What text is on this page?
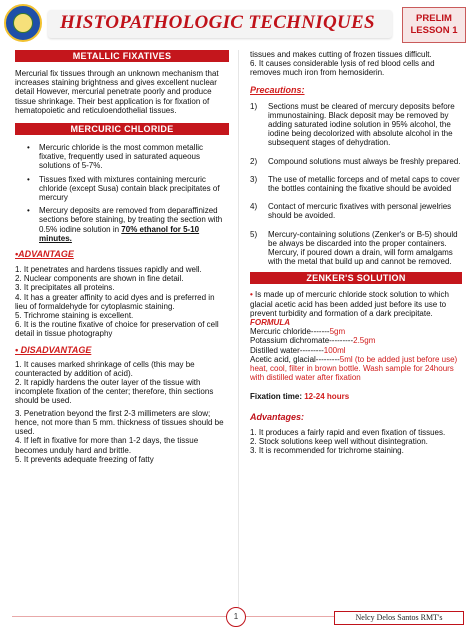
HISTOPATHOLOGIC TECHNIQUES	PRELIM
LESSON 1
METALLIC FIXATIVES

Mercurial fix tissues through an unknown mechanism that increases staining brightness and gives excellent nuclear detail However, mercurial penetrate poorly and produce tissue shrinkage. Their best application is for fixation of hematopoietic and reticuloendothelial tissues.

MERCURIC CHLORIDE
• Mercuric chloride is the most common metallic fixative, frequently used in saturated aqueous solutions of 5-7%.
• Tissues fixed with mixtures containing mercuric chloride (except Susa) contain black precipitates of mercury
• Mercury deposits are removed from deparaffinized sections before staining, by treating the section with 0.5% iodine solution in 70% ethanol for 5-10 minutes.
•ADVANTAGE

1. It penetrates and hardens tissues rapidly and well.

2. Nuclear components are shown in fine detail.

3. It precipitates all proteins.

4. It has a greater affinity to acid dyes and is preferred in lieu of formaldehyde for cytoplasmic staining.

5. Trichrome staining is excellent.

6. It is the routine fixative of choice for preservation of cell detail in tissue photography

• DISADVANTAGE

1. It causes marked shrinkage of cells (this may be counteracted by addition of acid).

2. It rapidly hardens the outer layer of the tissue with incomplete fixation of the center; therefore, thin sections should be used.

3. Penetration beyond the first 2-3 millimeters are slow; hence, not more than 5 mm. thickness of tissues should be used.

4. If left in fixative for more than 1-2 days, the tissue becomes unduly hard and brittle.

5. It prevents adequate freezing of fatty

tissues and makes cutting of frozen tissues difficult.

6. It causes considerable lysis of red blood cells and removes much iron from hemosiderin.

Precautions:
1) Sections must be cleared of mercury deposits before immunostaining. Black deposit may be removed by adding saturated iodine solution in 95% alcohol, the iodine being decolorized with absolute alcohol in the subsequent stages of dehydration.
2) Compound solutions must always be freshly prepared.
3) The use of metallic forceps and of metal caps to cover the bottles containing the fixative should be avoided
4) Contact of mercuric fixatives with personal jewelries should be avoided.
5) Mercury-containing solutions (Zenker's or B-5) should be always be discarded into the proper containers. Mercury, if poured down a drain, will form amalgams with the metal that build up and cannot be removed.
ZENKER'S SOLUTION

• Is made up of mercuric chloride stock solution to which glacial acetic acid has been added just before its use to prevent turbidity and formation of a dark precipitate.

FORMULA

Mercuric chloride-------5gm

Potassium dichromate---------2.5gm

Distilled water---------100ml

Acetic acid, glacial---------5ml (to be added just before use) heat, cool, filter in brown bottle. Wash sample for 24hours with distilled water after fixation

Fixation time: 12-24 hours

Advantages:

1. It produces a fairly rapid and even fixation of tissues.

2. Stock solutions keep well without disintegration.

3. It is recommended for trichrome staining.

1	Nelcy Delos Santos RMT's
